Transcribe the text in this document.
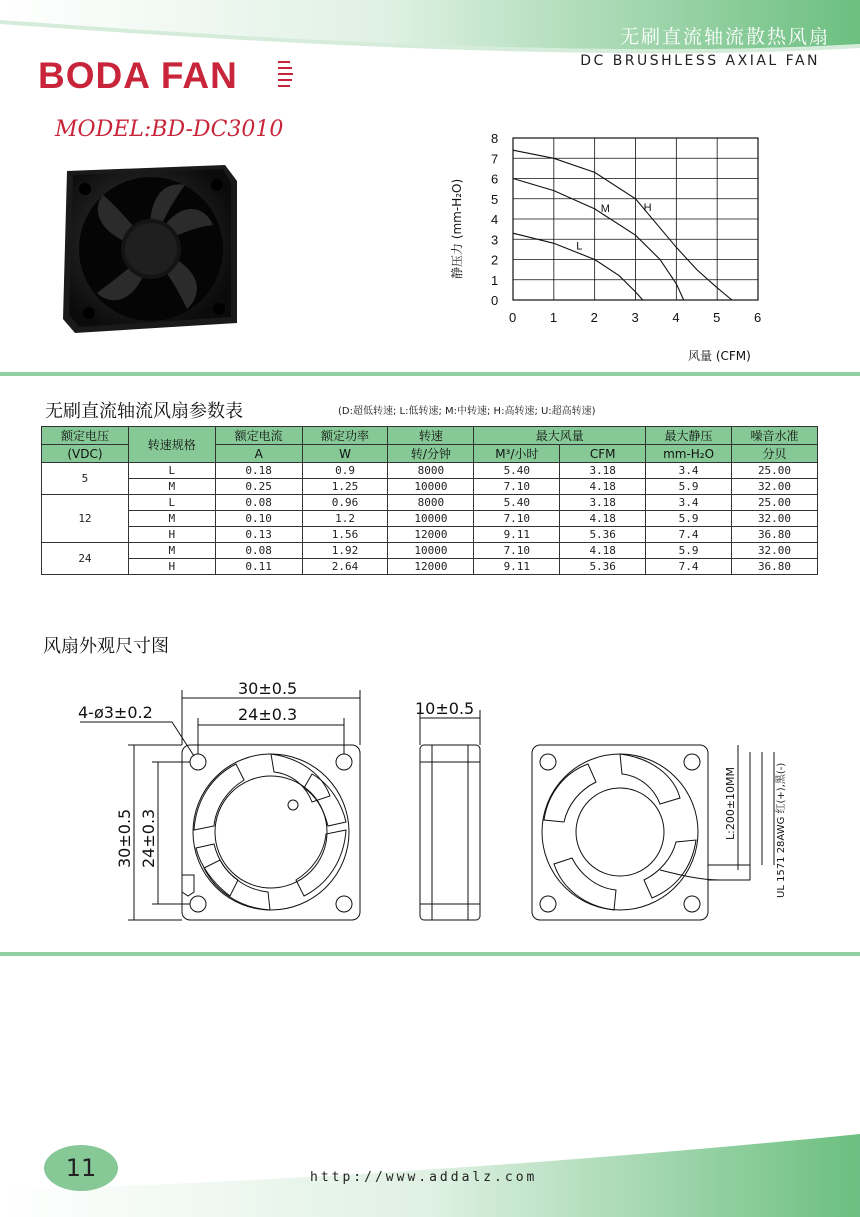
无刷直流轴流散热风扇
DC BRUSHLESS AXIAL FAN
BODA FAN
MODEL:BD-DC3010
0	1	2	3	4	5	6
0
1
2
3
4
5
6
7
8
L
M	H
静压力 (mm-H₂O)
风量 (CFM)
无刷直流轴流风扇参数表	(D:超低转速; L:低转速; M:中转速; H:高转速; U:超高转速)
额定电压	转速规格	额定电流	额定功率	转速	最大风量		最大静压	噪音水准
(VDC)		A	W	转/分钟	M³/小时	CFM	mm-H₂O	分贝
5	L	0.18	0.9	8000	5.40	3.18	3.4	25.00
	M	0.25	1.25	10000	7.10	4.18	5.9	32.00
12	L	0.08	0.96	8000	5.40	3.18	3.4	25.00
	M	0.10	1.2	10000	7.10	4.18	5.9	32.00
	H	0.13	1.56	12000	9.11	5.36	7.4	36.80
24	M	0.08	1.92	10000	7.10	4.18	5.9	32.00
	H	0.11	2.64	12000	9.11	5.36	7.4	36.80
风扇外观尺寸图
30±0.5
24±0.3
4-ø3±0.2	10±0.5
30±0.5 24±0.3	L:200±10MM	UL 1571 28AWG 红(+),黑(-)
11	http://www.addalz.com
